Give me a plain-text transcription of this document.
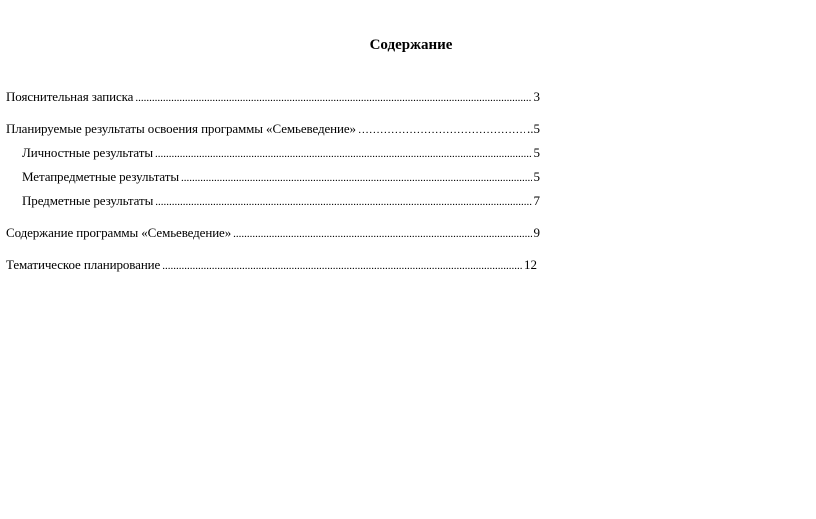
Содержание
Пояснительная записка .....	3
Планируемые результаты освоения программы «Семьеведение» …………………………………………………………………………………………………………	..5
Личностные результаты .....	5
Метапредметные результаты .....	5
Предметные результаты .....	7
Содержание программы «Семьеведение» .....	9
Тематическое планирование .....	12
